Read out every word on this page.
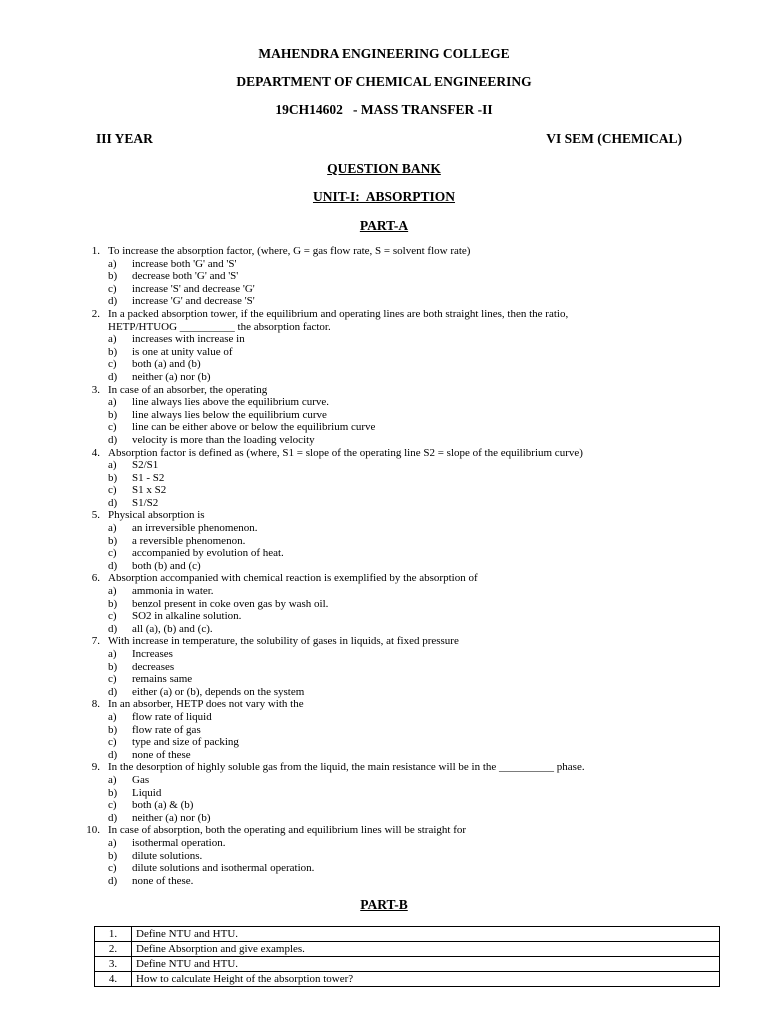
MAHENDRA ENGINEERING COLLEGE
DEPARTMENT OF CHEMICAL ENGINEERING
19CH14602   - MASS TRANSFER -II
III YEAR	VI SEM (CHEMICAL)
QUESTION BANK
UNIT-I:  ABSORPTION
PART-A
1. To increase the absorption factor, (where, G = gas flow rate, S = solvent flow rate)
a) increase both 'G' and 'S'
b) decrease both 'G' and 'S'
c) increase 'S' and decrease 'G'
d) increase 'G' and decrease 'S'
2. In a packed absorption tower, if the equilibrium and operating lines are both straight lines, then the ratio,
HETP/HTUOG __________ the absorption factor.
a) increases with increase in
b) is one at unity value of
c) both (a) and (b)
d) neither (a) nor (b)
3. In case of an absorber, the operating
a) line always lies above the equilibrium curve.
b) line always lies below the equilibrium curve
c) line can be either above or below the equilibrium curve
d) velocity is more than the loading velocity
4. Absorption factor is defined as (where, S1 = slope of the operating line S2 = slope of the equilibrium curve)
a) S2/S1
b) S1 - S2
c) S1 x S2
d) S1/S2
5. Physical absorption is
a) an irreversible phenomenon.
b) a reversible phenomenon.
c) accompanied by evolution of heat.
d) both (b) and (c)
6. Absorption accompanied with chemical reaction is exemplified by the absorption of
a) ammonia in water.
b) benzol present in coke oven gas by wash oil.
c) SO2 in alkaline solution.
d) all (a), (b) and (c).
7. With increase in temperature, the solubility of gases in liquids, at fixed pressure
a) Increases
b) decreases
c) remains same
d) either (a) or (b), depends on the system
8. In an absorber, HETP does not vary with the
a) flow rate of liquid
b) flow rate of gas
c) type and size of packing
d) none of these
9. In the desorption of highly soluble gas from the liquid, the main resistance will be in the __________ phase.
a) Gas
b) Liquid
c) both (a) & (b)
d) neither (a) nor (b)
10. In case of absorption, both the operating and equilibrium lines will be straight for
a) isothermal operation.
b) dilute solutions.
c) dilute solutions and isothermal operation.
d) none of these.
PART-B
1.	Define NTU and HTU.
2.	Define Absorption and give examples.
3.	Define NTU and HTU.
4.	How to calculate Height of the absorption tower?
